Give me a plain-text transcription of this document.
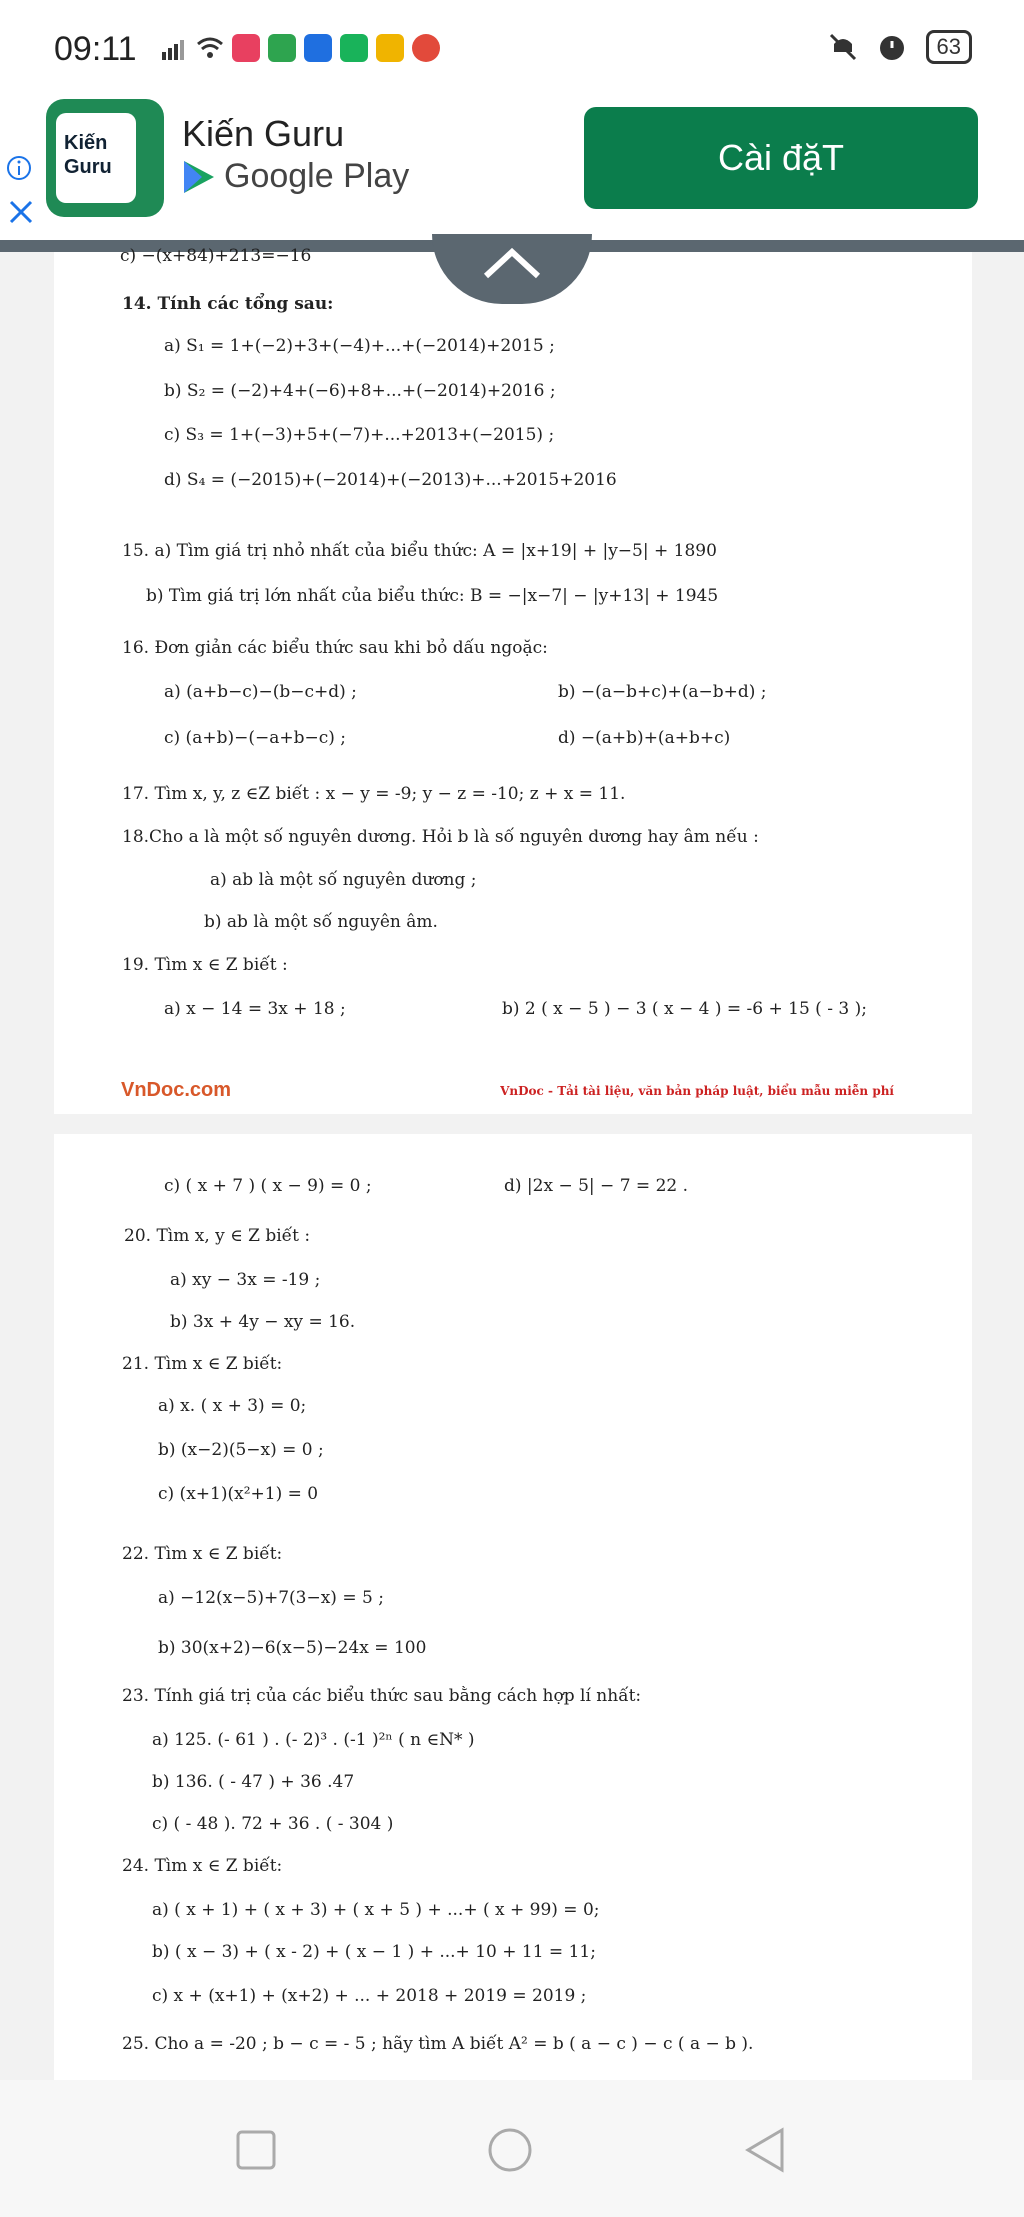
09:11	63
Kiến
Guru
Kiến Guru
Google Play	Cài đặT
c) −(x+84)+213=−16
14. Tính các tổng sau:
a) S₁ = 1+(−2)+3+(−4)+...+(−2014)+2015 ;
b) S₂ = (−2)+4+(−6)+8+...+(−2014)+2016 ;
c) S₃ = 1+(−3)+5+(−7)+...+2013+(−2015) ;
d) S₄ = (−2015)+(−2014)+(−2013)+...+2015+2016
15. a) Tìm giá trị nhỏ nhất của biểu thức: A = |x+19| + |y−5| + 1890
b) Tìm giá trị lớn nhất của biểu thức: B = −|x−7| − |y+13| + 1945
16. Đơn giản các biểu thức sau khi bỏ dấu ngoặc:
a) (a+b−c)−(b−c+d) ;	b) −(a−b+c)+(a−b+d) ;
c) (a+b)−(−a+b−c) ;	d) −(a+b)+(a+b+c)
17. Tìm x, y, z ∈Z biết : x − y = -9; y − z = -10; z + x = 11.
18.Cho a là một số nguyên dương. Hỏi b là số nguyên dương hay âm nếu :
a) ab là một số nguyên dương ;
b) ab là một số nguyên âm.
19. Tìm x ∈ Z biết :
a) x − 14 = 3x + 18 ;	b) 2 ( x − 5 ) − 3 ( x − 4 ) = -6 + 15 ( - 3 );
VnDoc.com	VnDoc - Tải tài liệu, văn bản pháp luật, biểu mẫu miễn phí
c) ( x + 7 ) ( x − 9) = 0 ;	d) |2x − 5| − 7 = 22 .
20. Tìm x, y ∈ Z biết :
a) xy − 3x = -19 ;
b) 3x + 4y − xy = 16.
21. Tìm x ∈ Z biết:
a) x. ( x + 3) = 0;
b) (x−2)(5−x) = 0 ;
c) (x+1)(x²+1) = 0
22. Tìm x ∈ Z biết:
a) −12(x−5)+7(3−x) = 5 ;
b) 30(x+2)−6(x−5)−24x = 100
23. Tính giá trị của các biểu thức sau bằng cách hợp lí nhất:
a) 125. (- 61 ) . (- 2)³ . (-1 )²ⁿ ( n ∈N* )
b) 136. ( - 47 ) + 36 .47
c) ( - 48 ). 72 + 36 . ( - 304 )
24. Tìm x ∈ Z biết:
a) ( x + 1) + ( x + 3) + ( x + 5 ) + ...+ ( x + 99) = 0;
b) ( x − 3) + ( x - 2) + ( x − 1 ) + ...+ 10 + 11 = 11;
c) x + (x+1) + (x+2) + ... + 2018 + 2019 = 2019 ;
25. Cho a = -20 ; b − c = - 5 ; hãy tìm A biết A² = b ( a − c ) − c ( a − b ).
